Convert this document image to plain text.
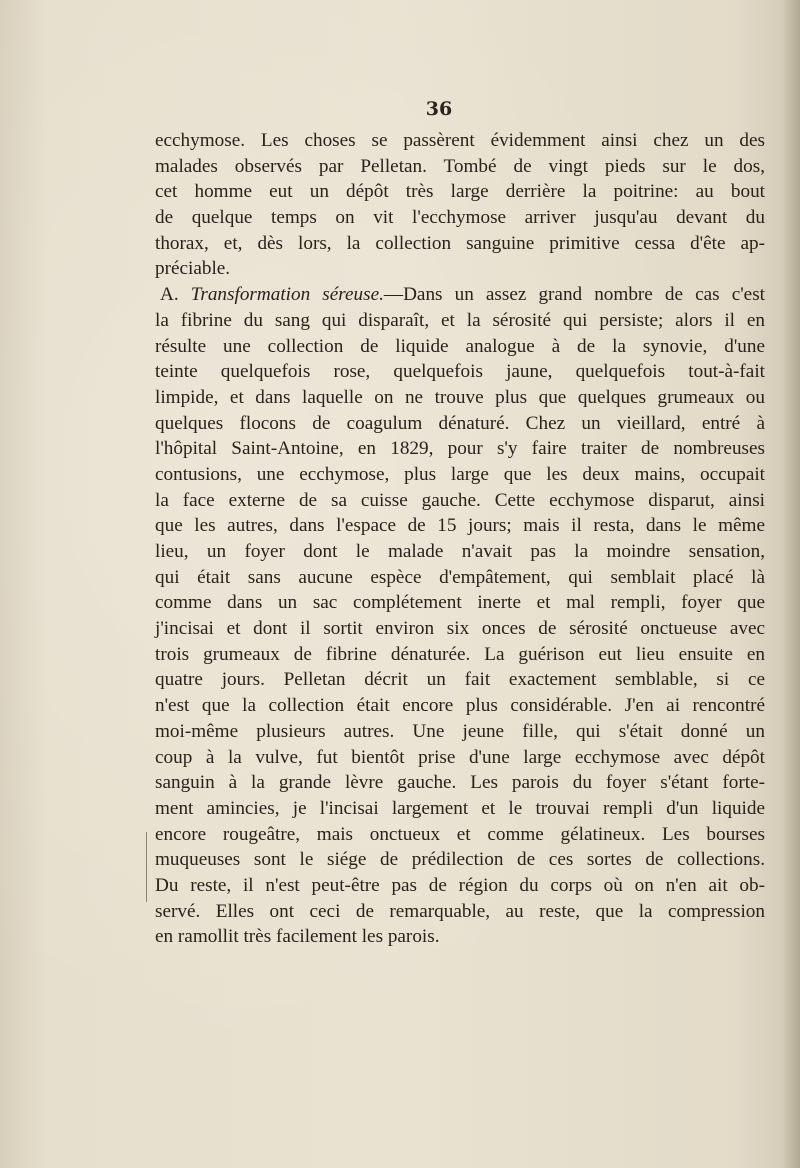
36
ecchymose. Les choses se passèrent évidemment ainsi chez un des
malades observés par Pelletan. Tombé de vingt pieds sur le dos,
cet homme eut un dépôt très large derrière la poitrine: au bout
de quelque temps on vit l'ecchymose arriver jusqu'au devant du
thorax, et, dès lors, la collection sanguine primitive cessa d'ête ap-
préciable.
A. Transformation séreuse.—Dans un assez grand nombre de cas c'est
la fibrine du sang qui disparaît, et la sérosité qui persiste; alors il en
résulte une collection de liquide analogue à de la synovie, d'une
teinte quelquefois rose, quelquefois jaune, quelquefois tout-à-fait
limpide, et dans laquelle on ne trouve plus que quelques grumeaux ou
quelques flocons de coagulum dénaturé. Chez un vieillard, entré à
l'hôpital Saint-Antoine, en 1829, pour s'y faire traiter de nombreuses
contusions, une ecchymose, plus large que les deux mains, occupait
la face externe de sa cuisse gauche. Cette ecchymose disparut, ainsi
que les autres, dans l'espace de 15 jours; mais il resta, dans le même
lieu, un foyer dont le malade n'avait pas la moindre sensation,
qui était sans aucune espèce d'empâtement, qui semblait placé là
comme dans un sac complétement inerte et mal rempli, foyer que
j'incisai et dont il sortit environ six onces de sérosité onctueuse avec
trois grumeaux de fibrine dénaturée. La guérison eut lieu ensuite en
quatre jours. Pelletan décrit un fait exactement semblable, si ce
n'est que la collection était encore plus considérable. J'en ai rencontré
moi-même plusieurs autres. Une jeune fille, qui s'était donné un
coup à la vulve, fut bientôt prise d'une large ecchymose avec dépôt
sanguin à la grande lèvre gauche. Les parois du foyer s'étant forte-
ment amincies, je l'incisai largement et le trouvai rempli d'un liquide
encore rougeâtre, mais onctueux et comme gélatineux. Les bourses
muqueuses sont le siége de prédilection de ces sortes de collections.
Du reste, il n'est peut-être pas de région du corps où on n'en ait ob-
servé. Elles ont ceci de remarquable, au reste, que la compression
en ramollit très facilement les parois.
